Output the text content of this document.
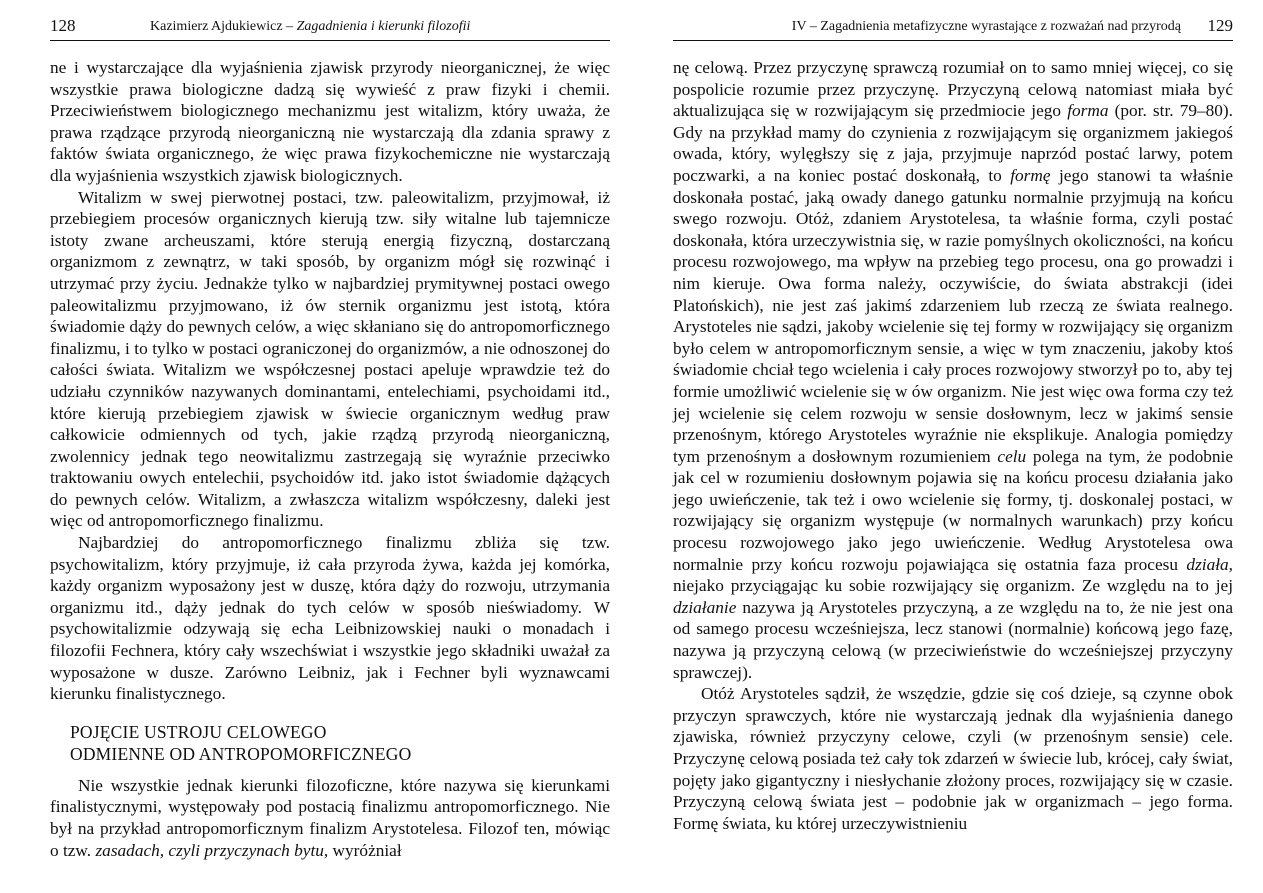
128	Kazimierz Ajdukiewicz – Zagadnienia i kierunki filozofii

ne i wystarczające dla wyjaśnienia zjawisk przyrody nieorganicznej, że więc wszystkie prawa biologiczne dadzą się wywieść z praw fizyki i chemii. Przeciwieństwem biologicznego mechanizmu jest witalizm, który uważa, że prawa rządzące przyrodą nieorganiczną nie wystarczają dla zdania sprawy z faktów świata organicznego, że więc prawa fizykochemiczne nie wystarczają dla wyjaśnienia wszystkich zjawisk biologicznych.

Witalizm w swej pierwotnej postaci, tzw. paleowitalizm, przyjmował, iż przebiegiem procesów organicznych kierują tzw. siły witalne lub tajemnicze istoty zwane archeuszami, które sterują energią fizyczną, dostarczaną organizmom z zewnątrz, w taki sposób, by organizm mógł się rozwinąć i utrzymać przy życiu. Jednakże tylko w najbardziej prymitywnej postaci owego paleowitalizmu przyjmowano, iż ów sternik organizmu jest istotą, która świadomie dąży do pewnych celów, a więc skłaniano się do antropomorficznego finalizmu, i to tylko w postaci ograniczonej do organizmów, a nie odnoszonej do całości świata. Witalizm we współczesnej postaci apeluje wprawdzie też do udziału czynników nazywanych dominantami, entelechiami, psychoidami itd., które kierują przebiegiem zjawisk w świecie organicznym według praw całkowicie odmiennych od tych, jakie rządzą przyrodą nieorganiczną, zwolennicy jednak tego neowitalizmu zastrzegają się wyraźnie przeciwko traktowaniu owych entelechii, psychoidów itd. jako istot świadomie dążących do pewnych celów. Witalizm, a zwłaszcza witalizm współczesny, daleki jest więc od antropomorficznego finalizmu.

Najbardziej do antropomorficznego finalizmu zbliża się tzw. psychowitalizm, który przyjmuje, iż cała przyroda żywa, każda jej komórka, każdy organizm wyposażony jest w duszę, która dąży do rozwoju, utrzymania organizmu itd., dąży jednak do tych celów w sposób nieświadomy. W psychowitalizmie odzywają się echa Leibnizowskiej nauki o monadach i filozofii Fechnera, który cały wszechświat i wszystkie jego składniki uważał za wyposażone w dusze. Zarówno Leibniz, jak i Fechner byli wyznawcami kierunku finalistycznego.

POJĘCIE USTROJU CELOWEGO
ODMIENNE OD ANTROPOMORFICZNEGO

Nie wszystkie jednak kierunki filozoficzne, które nazywa się kierunkami finalistycznymi, występowały pod postacią finalizmu antropomorficznego. Nie był na przykład antropomorficznym finalizm Arystotelesa. Filozof ten, mówiąc o tzw. zasadach, czyli przyczynach bytu, wyróżniał

IV – Zagadnienia metafizyczne wyrastające z rozważań nad przyrodą 129

nę celową. Przez przyczynę sprawczą rozumiał on to samo mniej więcej, co się pospolicie rozumie przez przyczynę. Przyczyną celową natomiast miała być aktualizująca się w rozwijającym się przedmiocie jego forma (por. str. 79–80). Gdy na przykład mamy do czynienia z rozwijającym się organizmem jakiegoś owada, który, wylęgłszy się z jaja, przyjmuje naprzód postać larwy, potem poczwarki, a na koniec postać doskonałą, to formę jego stanowi ta właśnie doskonała postać, jaką owady danego gatunku normalnie przyjmują na końcu swego rozwoju. Otóż, zdaniem Arystotelesa, ta właśnie forma, czyli postać doskonała, która urzeczywistnia się, w razie pomyślnych okoliczności, na końcu procesu rozwojowego, ma wpływ na przebieg tego procesu, ona go prowadzi i nim kieruje. Owa forma należy, oczywiście, do świata abstrakcji (idei Platońskich), nie jest zaś jakimś zdarzeniem lub rzeczą ze świata realnego. Arystoteles nie sądzi, jakoby wcielenie się tej formy w rozwijający się organizm było celem w antropomorficznym sensie, a więc w tym znaczeniu, jakoby ktoś świadomie chciał tego wcielenia i cały proces rozwojowy stworzył po to, aby tej formie umożliwić wcielenie się w ów organizm. Nie jest więc owa forma czy też jej wcielenie się celem rozwoju w sensie dosłownym, lecz w jakimś sensie przenośnym, którego Arystoteles wyraźnie nie eksplikuje. Analogia pomiędzy tym przenośnym a dosłownym rozumieniem celu polega na tym, że podobnie jak cel w rozumieniu dosłownym pojawia się na końcu procesu działania jako jego uwieńczenie, tak też i owo wcielenie się formy, tj. doskonalej postaci, w rozwijający się organizm występuje (w normalnych warunkach) przy końcu procesu rozwojowego jako jego uwieńczenie. Według Arystotelesa owa normalnie przy końcu rozwoju pojawiająca się ostatnia faza procesu działa, niejako przyciągając ku sobie rozwijający się organizm. Ze względu na to jej działanie nazywa ją Arystoteles przyczyną, a ze względu na to, że nie jest ona od samego procesu wcześniejsza, lecz stanowi (normalnie) końcową jego fazę, nazywa ją przyczyną celową (w przeciwieństwie do wcześniejszej przyczyny sprawczej).

Otóż Arystoteles sądził, że wszędzie, gdzie się coś dzieje, są czynne obok przyczyn sprawczych, które nie wystarczają jednak dla wyjaśnienia danego zjawiska, również przyczyny celowe, czyli (w przenośnym sensie) cele. Przyczynę celową posiada też cały tok zdarzeń w świecie lub, krócej, cały świat, pojęty jako gigantyczny i niesłychanie złożony proces, rozwijający się w czasie. Przyczyną celową świata jest – podobnie jak w organizmach – jego forma. Formę świata, ku której urzeczywistnieniu
